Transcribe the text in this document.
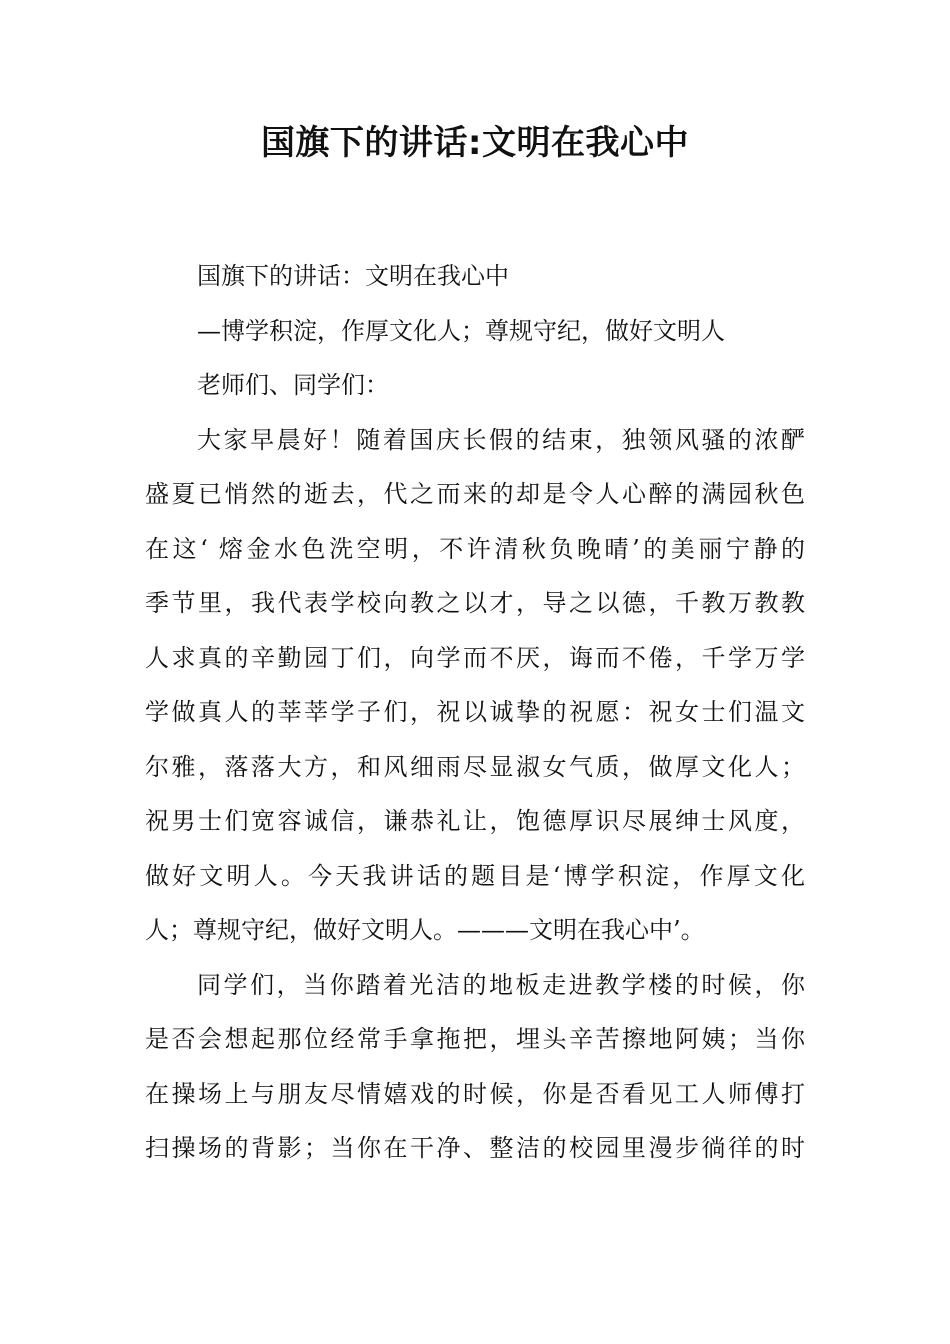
国旗下的讲话:文明在我心中

国旗下的讲话：文明在我心中

—博学积淀，作厚文化人；尊规守纪，做好文明人

老师们、同学们：

大家早晨好！随着国庆长假的结束，独领风骚的浓酽

盛夏已悄然的逝去，代之而来的却是令人心醉的满园秋色

在这‘ 熔金水色洗空明，不许清秋负晚晴’的美丽宁静的

季节里，我代表学校向教之以才，导之以德，千教万教教

人求真的辛勤园丁们，向学而不厌，诲而不倦，千学万学

学做真人的莘莘学子们，祝以诚挚的祝愿：祝女士们温文

尔雅，落落大方，和风细雨尽显淑女气质，做厚文化人；

祝男士们宽容诚信，谦恭礼让，饱德厚识尽展绅士风度，

做好文明人。今天我讲话的题目是‘博学积淀，作厚文化

人；尊规守纪，做好文明人。———文明在我心中’。

同学们，当你踏着光洁的地板走进教学楼的时候，你

是否会想起那位经常手拿拖把，埋头辛苦擦地阿姨；当你

在操场上与朋友尽情嬉戏的时候，你是否看见工人师傅打

扫操场的背影；当你在干净、整洁的校园里漫步徜徉的时
